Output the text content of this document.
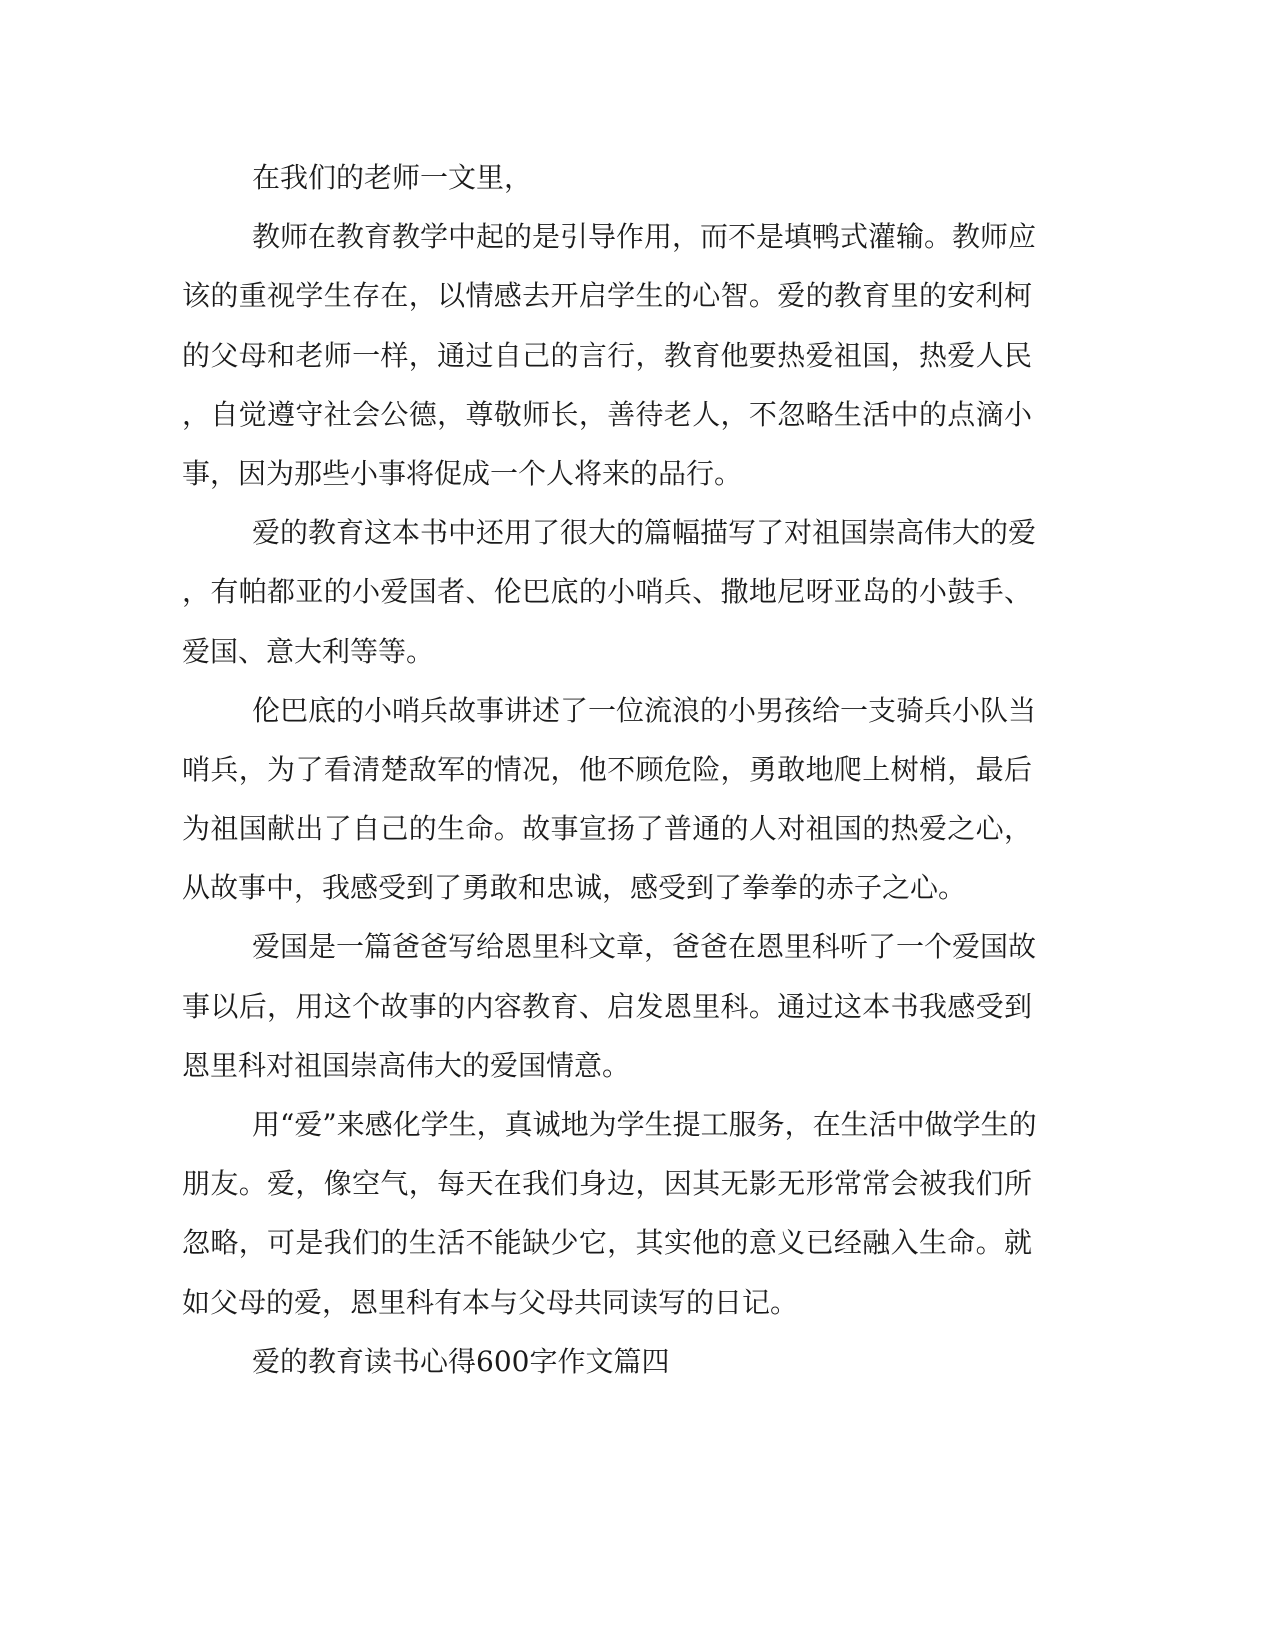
在我们的老师一文里，
教师在教育教学中起的是引导作用，而不是填鸭式灌输。教师应
该的重视学生存在，以情感去开启学生的心智。爱的教育里的安利柯
的父母和老师一样，通过自己的言行，教育他要热爱祖国，热爱人民
，自觉遵守社会公德，尊敬师长，善待老人，不忽略生活中的点滴小
事，因为那些小事将促成一个人将来的品行。
爱的教育这本书中还用了很大的篇幅描写了对祖国崇高伟大的爱
，有帕都亚的小爱国者、伦巴底的小哨兵、撒地尼呀亚岛的小鼓手、
爱国、意大利等等。
伦巴底的小哨兵故事讲述了一位流浪的小男孩给一支骑兵小队当
哨兵，为了看清楚敌军的情况，他不顾危险，勇敢地爬上树梢，最后
为祖国献出了自己的生命。故事宣扬了普通的人对祖国的热爱之心，
从故事中，我感受到了勇敢和忠诚，感受到了拳拳的赤子之心。
爱国是一篇爸爸写给恩里科文章，爸爸在恩里科听了一个爱国故
事以后，用这个故事的内容教育、启发恩里科。通过这本书我感受到
恩里科对祖国崇高伟大的爱国情意。
用“爱”来感化学生，真诚地为学生提工服务，在生活中做学生的
朋友。爱，像空气，每天在我们身边，因其无影无形常常会被我们所
忽略，可是我们的生活不能缺少它，其实他的意义已经融入生命。就
如父母的爱，恩里科有本与父母共同读写的日记。
爱的教育读书心得600字作文篇四
